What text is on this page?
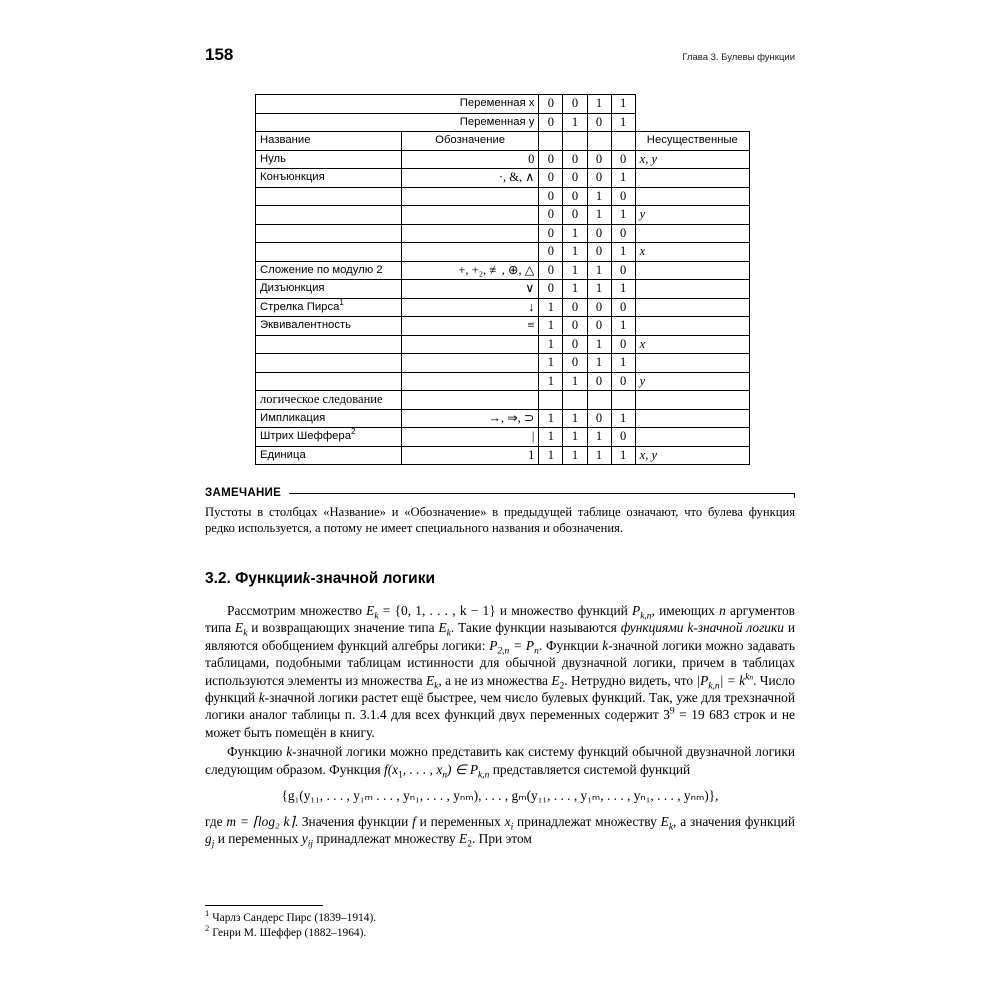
158	Глава 3. Булевы функции
Переменная x		0	0	1	1	
Переменная y		0	1	0	1	
Название	Обозначение					Несущественные
Нуль	0	0	0	0	0	x, y
Конъюнкция	·, &, ∧	0	0	0	1	
		0	0	1	0	
		0	0	1	1	y
		0	1	0	0	
		0	1	0	1	x
Сложение по модулю 2	+, +₂, ≢, ⊕, △	0	1	1	0	
Дизъюнкция	∨	0	1	1	1	
Стрелка Пирса$^1$	↓	1	0	0	0	
Эквивалентность	≡	1	0	0	1	
		1	0	1	0	x
		1	0	1	1	
		1	1	0	0	y
логическое следование						
Импликация	→, ⇒, ⊃	1	1	0	1	
Штрих Шеффера$^2$	|	1	1	1	0	
Единица	1	1	1	1	1	x, y
ЗАМЕЧАНИЕ
Пустоты в столбцах «Название» и «Обозначение» в предыдущей таблице означают, что булева функция редко используется, а потому не имеет специального названия и обозначения.
3.2. Функцииk-значной логики

Рассмотрим множество $E_k = \{0$, 1, . . . , k − 1} и множество функций $P_{k,n}$, имеющих n аргументов типа $E_k$ и возвращающих значение типа $E_k$. Такие функции называются функциями k-значной логики и являются обобщением функций алгебры логики: $P_{2,n} = P_n$. Функции k-значной логики можно задавать таблицами, подобными таблицам истинности для обычной двузначной логики, причем в таблицах используются элементы из множества $E_k$, а не из множества $E_2$. Нетрудно видеть, что $|P_{k,n}| = k^{kn}$. Число функций k-значной логики растет ещё быстрее, чем число булевых функций. Так, уже для трехзначной логики аналог таблицы п. 3.1.4 для всех функций двух переменных содержит $3^9 = 19$ 683 строк и не может быть помещён в книгу.

Функцию k-значной логики можно представить как систему функций обычной двузначной логики следующим образом. Функция $f(x_1$, . . . , $x_n$) ∈ $P_{k,n}$ представляется системой функций

{g₁(y₁₁, . . . , y₁ₘ . . . , yₙ₁, . . . , yₙₘ), . . . , gₘ(y₁₁, . . . , y₁ₘ, . . . , yₙ₁, . . . , yₙₘ)},

где m = ⌈log₂ k⌉. Значения функции f и переменных $x_i$ принадлежат множеству $E_k$, а значения функций $g_j$ и переменных $y_{ij}$ принадлежат множеству $E_2$. При этом

$^1$ Чарлз Сандерс Пирс (1839–1914).
$^2$ Генри М. Шеффер (1882–1964).
